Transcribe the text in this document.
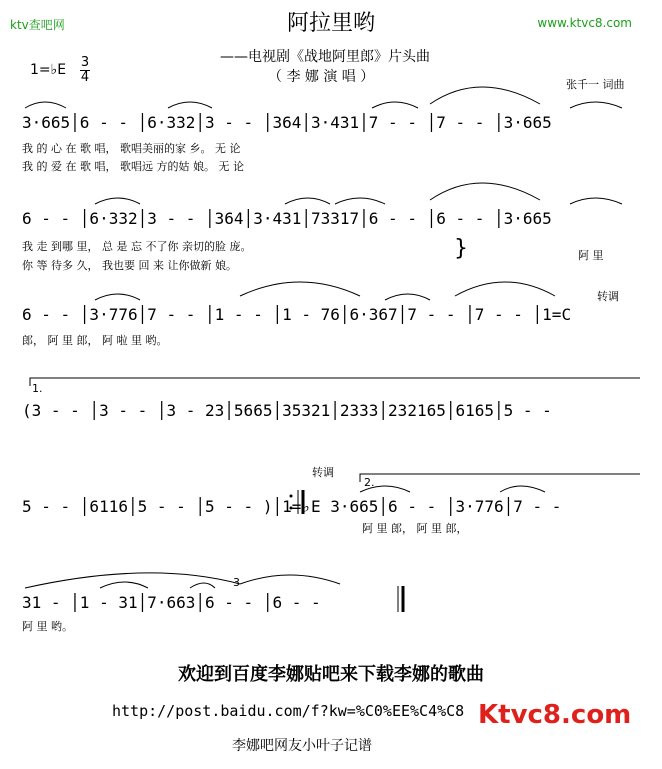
ktv查吧网	www.ktvc8.com
阿拉里哟
——电视剧《战地阿里郎》片头曲
（ 李 娜 演 唱 ）
1=♭E 3
4	张千一 词曲
3·665│6 - - │6·332│3 - - │364│3·431│7 - - │7 - - │3·665
我 的 心 在 歌 唱， 歌唱美丽的家 乡。 无 论
我 的 爱 在 歌 唱， 歌唱远 方的姑 娘。 无 论
6 - - │6·332│3 - - │364│3·431│73317│6 - - │6 - - │3·665
我 走 到哪 里， 总 是 忘 不了你 亲切的脸 庞。
你 等 待多 久， 我也要 回 来 让你做新 娘。
阿 里
}
转调
6 - - │3·776│7 - - │1 - - │1 - 76│6·367│7 - - │7 - - │1=C
郎， 阿 里 郎， 阿 啦 里 哟。
1.
(3 - - │3 - - │3 - 23│5665│35321│2333│232165│6165│5 - -
转调
2.
5 - - │6116│5 - - │5 - - )│1=♭E 3·665│6 - - │3·776│7 - -
阿 里 郎， 阿 里 郎，
3
31 - │1 - 31│7·663│6 - - │6 - -
阿 里 哟。
欢迎到百度李娜贴吧来下载李娜的歌曲
http://post.baidu.com/f?kw=%C0%EE%C4%C8
李娜吧网友小叶子记谱
Ktvc8.com
